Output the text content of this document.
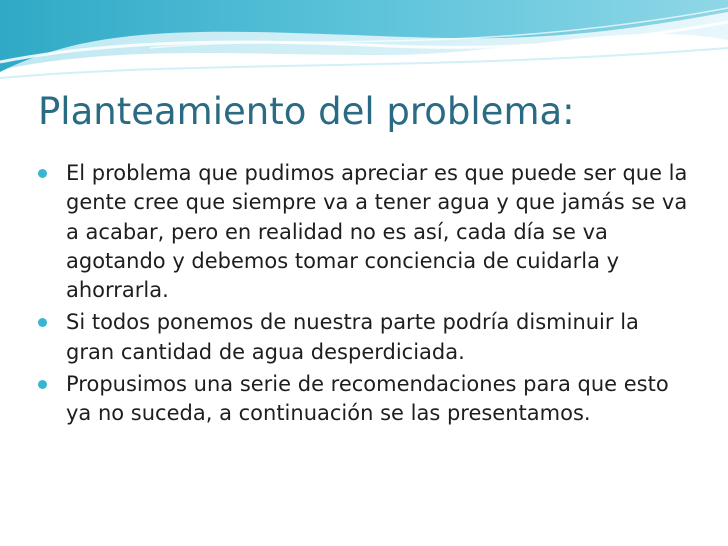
Planteamiento del problema:
El problema que pudimos apreciar es que puede ser que la gente cree que siempre va a tener agua y que jamás se va a acabar, pero en realidad no es así, cada día se va agotando y debemos tomar conciencia de cuidarla y ahorrarla.
Si todos ponemos de nuestra parte podría disminuir la gran cantidad de agua desperdiciada.
Propusimos una serie de recomendaciones para que esto ya no suceda, a continuación se las presentamos.
